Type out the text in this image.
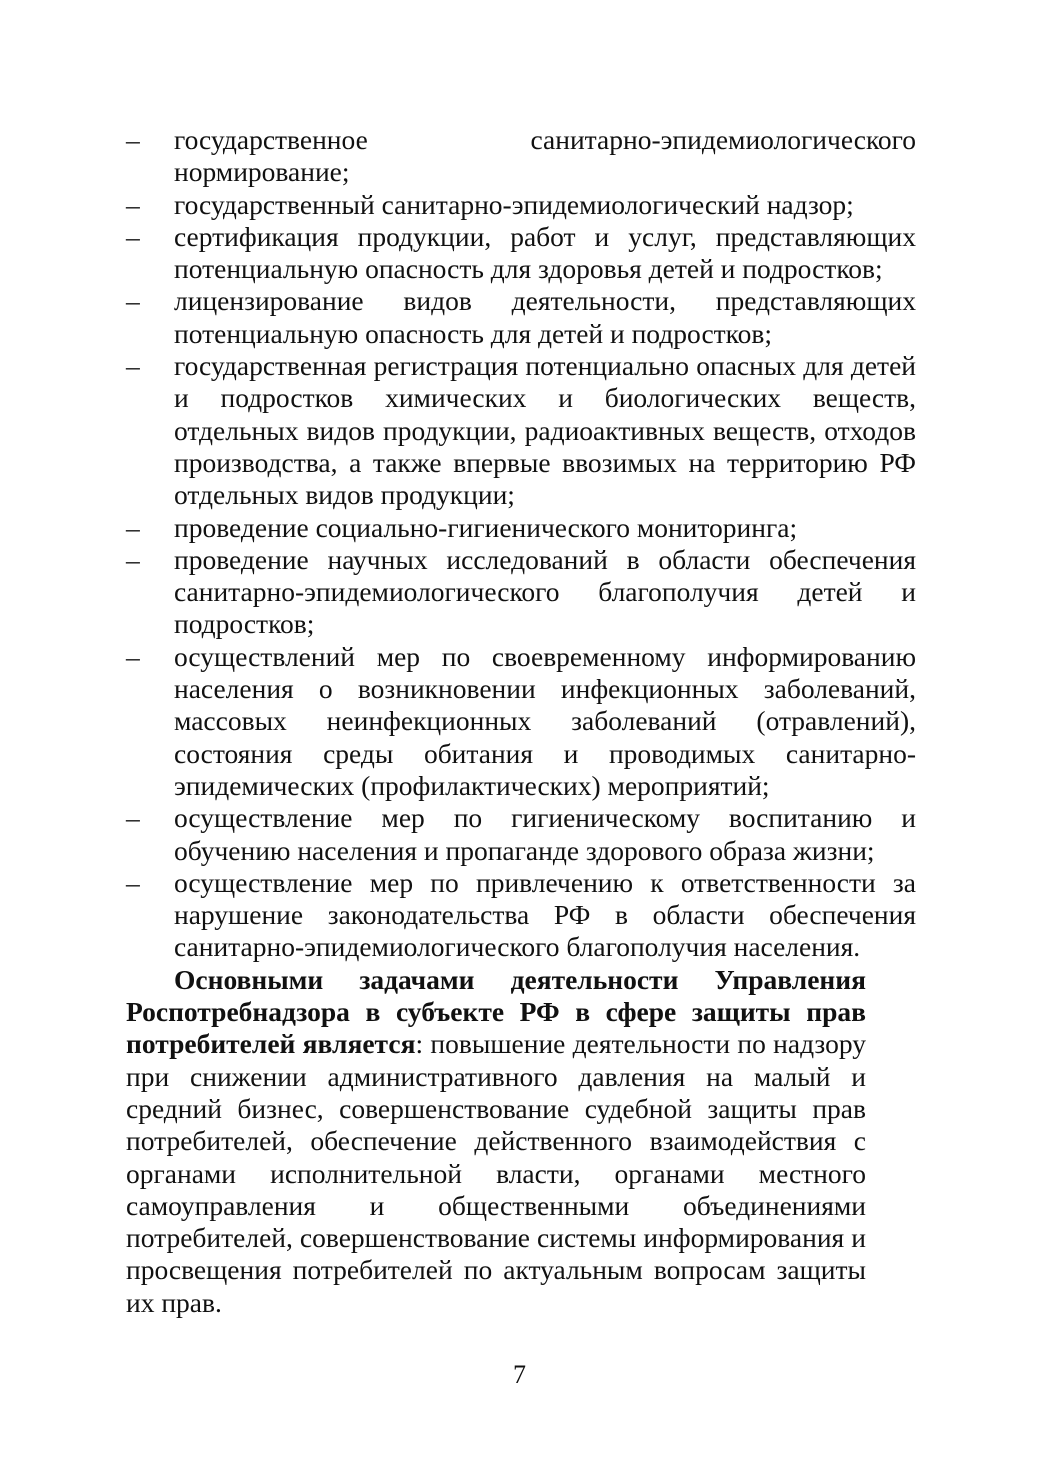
–	государственное санитарно-эпидемиологического нормирование;
–	государственный санитарно-эпидемиологический надзор;
–	сертификация продукции, работ и услуг, представляющих потенциальную опасность для здоровья детей и подростков;
–	лицензирование видов деятельности, представляющих потенциальную опасность для детей и подростков;
–	государственная регистрация потенциально опасных для детей и подростков химических и биологических веществ, отдельных видов продукции, радиоактивных веществ, отходов производства, а также впервые ввозимых на территорию РФ отдельных видов продукции;
–	проведение социально-гигиенического мониторинга;
–	проведение научных исследований в области обеспечения санитарно-эпидемиологического благополучия детей и подростков;
–	осуществлений мер по своевременному информированию населения о возникновении инфекционных заболеваний, массовых неинфекционных заболеваний (отравлений), состояния среды обитания и проводимых санитарно-эпидемических (профилактических) мероприятий;
–	осуществление мер по гигиеническому воспитанию и обучению населения и пропаганде здорового образа жизни;
–	осуществление мер по привлечению к ответственности за нарушение законодательства РФ в области обеспечения санитарно-эпидемиологического благополучия населения.

Основными задачами деятельности Управления Роспотребнадзора в субъекте РФ в сфере защиты прав потребителей является: повышение деятельности по надзору при снижении административного давления на малый и средний бизнес, совершенствование судебной защиты прав потребителей, обеспечение действенного взаимодействия с органами исполнительной власти, органами местного самоуправления и общественными объединениями потребителей, совершенствование системы информирования и просвещения потребителей по актуальным вопросам защиты их прав.

7
